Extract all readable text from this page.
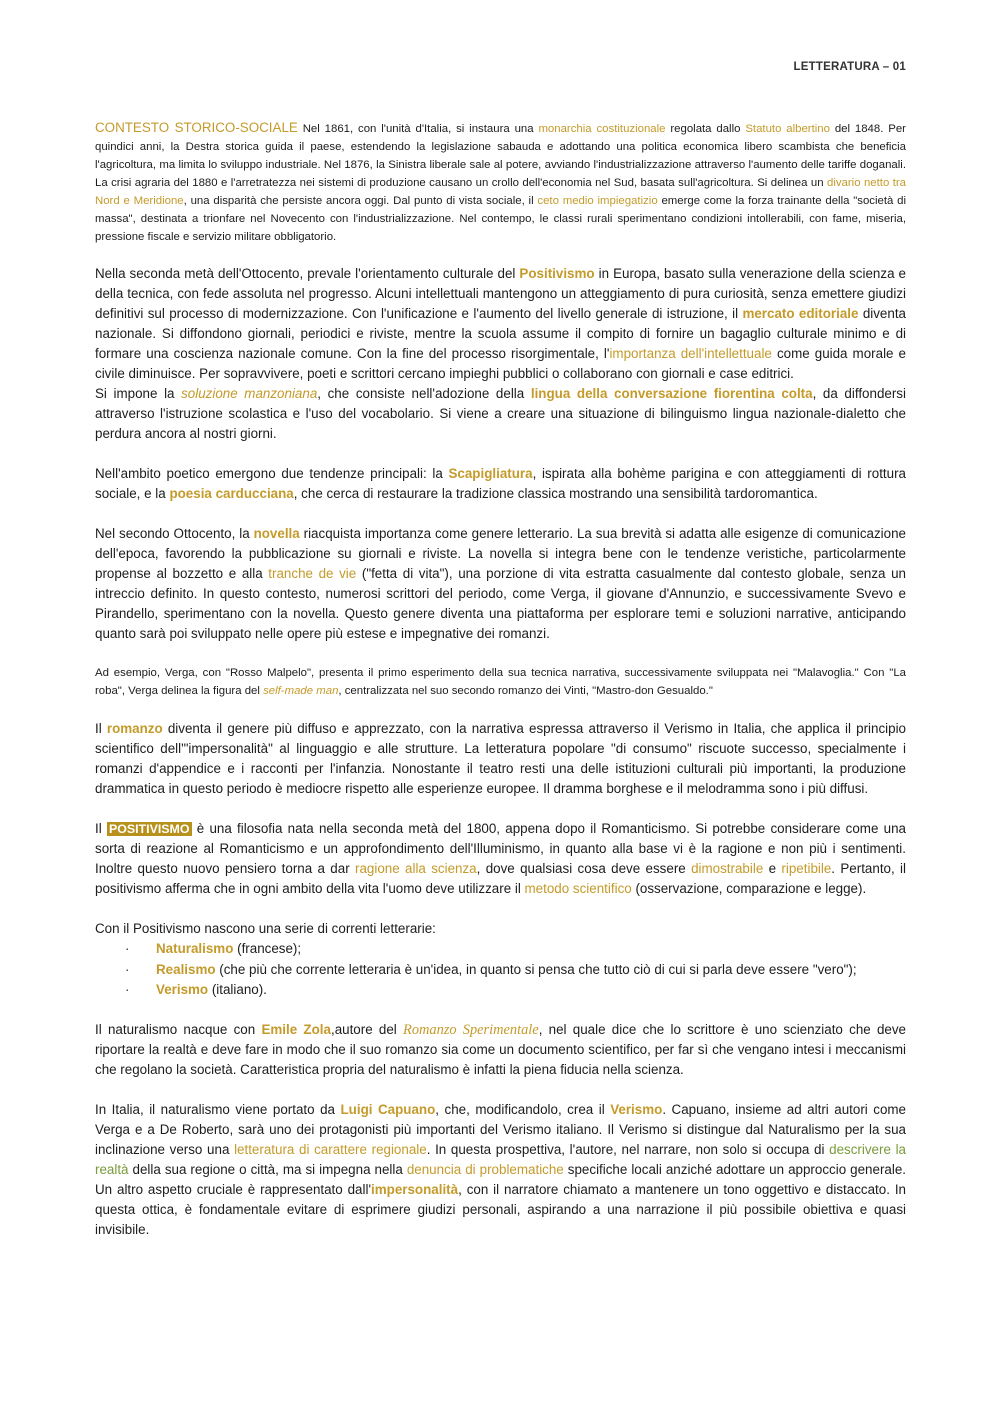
LETTERATURA – 01

CONTESTO STORICO-SOCIALE Nel 1861, con l'unità d'Italia, si instaura una monarchia costituzionale regolata dallo Statuto albertino del 1848. Per quindici anni, la Destra storica guida il paese, estendendo la legislazione sabauda e adottando una politica economica libero scambista che beneficia l'agricoltura, ma limita lo sviluppo industriale. Nel 1876, la Sinistra liberale sale al potere, avviando l'industrializzazione attraverso l'aumento delle tariffe doganali. La crisi agraria del 1880 e l'arretratezza nei sistemi di produzione causano un crollo dell'economia nel Sud, basata sull'agricoltura. Si delinea un divario netto tra Nord e Meridione, una disparità che persiste ancora oggi. Dal punto di vista sociale, il ceto medio impiegatizio emerge come la forza trainante della "società di massa", destinata a trionfare nel Novecento con l'industrializzazione. Nel contempo, le classi rurali sperimentano condizioni intollerabili, con fame, miseria, pressione fiscale e servizio militare obbligatorio.

Nella seconda metà dell'Ottocento, prevale l'orientamento culturale del Positivismo in Europa, basato sulla venerazione della scienza e della tecnica, con fede assoluta nel progresso. Alcuni intellettuali mantengono un atteggiamento di pura curiosità, senza emettere giudizi definitivi sul processo di modernizzazione. Con l'unificazione e l'aumento del livello generale di istruzione, il mercato editoriale diventa nazionale. Si diffondono giornali, periodici e riviste, mentre la scuola assume il compito di fornire un bagaglio culturale minimo e di formare una coscienza nazionale comune. Con la fine del processo risorgimentale, l'importanza dell'intellettuale come guida morale e civile diminuisce. Per sopravvivere, poeti e scrittori cercano impieghi pubblici o collaborano con giornali e case editrici.

Si impone la soluzione manzoniana, che consiste nell'adozione della lingua della conversazione fiorentina colta, da diffondersi attraverso l'istruzione scolastica e l'uso del vocabolario. Si viene a creare una situazione di bilinguismo lingua nazionale-dialetto che perdura ancora al nostri giorni.

Nell'ambito poetico emergono due tendenze principali: la Scapigliatura, ispirata alla bohème parigina e con atteggiamenti di rottura sociale, e la poesia carducciana, che cerca di restaurare la tradizione classica mostrando una sensibilità tardoromantica.

Nel secondo Ottocento, la novella riacquista importanza come genere letterario. La sua brevità si adatta alle esigenze di comunicazione dell'epoca, favorendo la pubblicazione su giornali e riviste. La novella si integra bene con le tendenze veristiche, particolarmente propense al bozzetto e alla tranche de vie ("fetta di vita"), una porzione di vita estratta casualmente dal contesto globale, senza un intreccio definito. In questo contesto, numerosi scrittori del periodo, come Verga, il giovane d'Annunzio, e successivamente Svevo e Pirandello, sperimentano con la novella. Questo genere diventa una piattaforma per esplorare temi e soluzioni narrative, anticipando quanto sarà poi sviluppato nelle opere più estese e impegnative dei romanzi.

Ad esempio, Verga, con "Rosso Malpelo", presenta il primo esperimento della sua tecnica narrativa, successivamente sviluppata nei "Malavoglia." Con "La roba", Verga delinea la figura del self-made man, centralizzata nel suo secondo romanzo dei Vinti, "Mastro-don Gesualdo."

Il romanzo diventa il genere più diffuso e apprezzato, con la narrativa espressa attraverso il Verismo in Italia, che applica il principio scientifico dell'"impersonalità" al linguaggio e alle strutture. La letteratura popolare "di consumo" riscuote successo, specialmente i romanzi d'appendice e i racconti per l'infanzia. Nonostante il teatro resti una delle istituzioni culturali più importanti, la produzione drammatica in questo periodo è mediocre rispetto alle esperienze europee. Il dramma borghese e il melodramma sono i più diffusi.

Il POSITIVISMO è una filosofia nata nella seconda metà del 1800, appena dopo il Romanticismo. Si potrebbe considerare come una sorta di reazione al Romanticismo e un approfondimento dell'Illuminismo, in quanto alla base vi è la ragione e non più i sentimenti. Inoltre questo nuovo pensiero torna a dar ragione alla scienza, dove qualsiasi cosa deve essere dimostrabile e ripetibile. Pertanto, il positivismo afferma che in ogni ambito della vita l'uomo deve utilizzare il metodo scientifico (osservazione, comparazione e legge).

Con il Positivismo nascono una serie di correnti letterarie:

· Naturalismo (francese);
· Realismo (che più che corrente letteraria è un'idea, in quanto si pensa che tutto ciò di cui si parla deve essere "vero");
· Verismo (italiano).

Il naturalismo nacque con Emile Zola,autore del Romanzo Sperimentale, nel quale dice che lo scrittore è uno scienziato che deve riportare la realtà e deve fare in modo che il suo romanzo sia come un documento scientifico, per far sì che vengano intesi i meccanismi che regolano la società. Caratteristica propria del naturalismo è infatti la piena fiducia nella scienza.

In Italia, il naturalismo viene portato da Luigi Capuano, che, modificandolo, crea il Verismo. Capuano, insieme ad altri autori come Verga e a De Roberto, sarà uno dei protagonisti più importanti del Verismo italiano. Il Verismo si distingue dal Naturalismo per la sua inclinazione verso una letteratura di carattere regionale. In questa prospettiva, l'autore, nel narrare, non solo si occupa di descrivere la realtà della sua regione o città, ma si impegna nella denuncia di problematiche specifiche locali anziché adottare un approccio generale. Un altro aspetto cruciale è rappresentato dall'impersonalità, con il narratore chiamato a mantenere un tono oggettivo e distaccato. In questa ottica, è fondamentale evitare di esprimere giudizi personali, aspirando a una narrazione il più possibile obiettiva e quasi invisibile.
